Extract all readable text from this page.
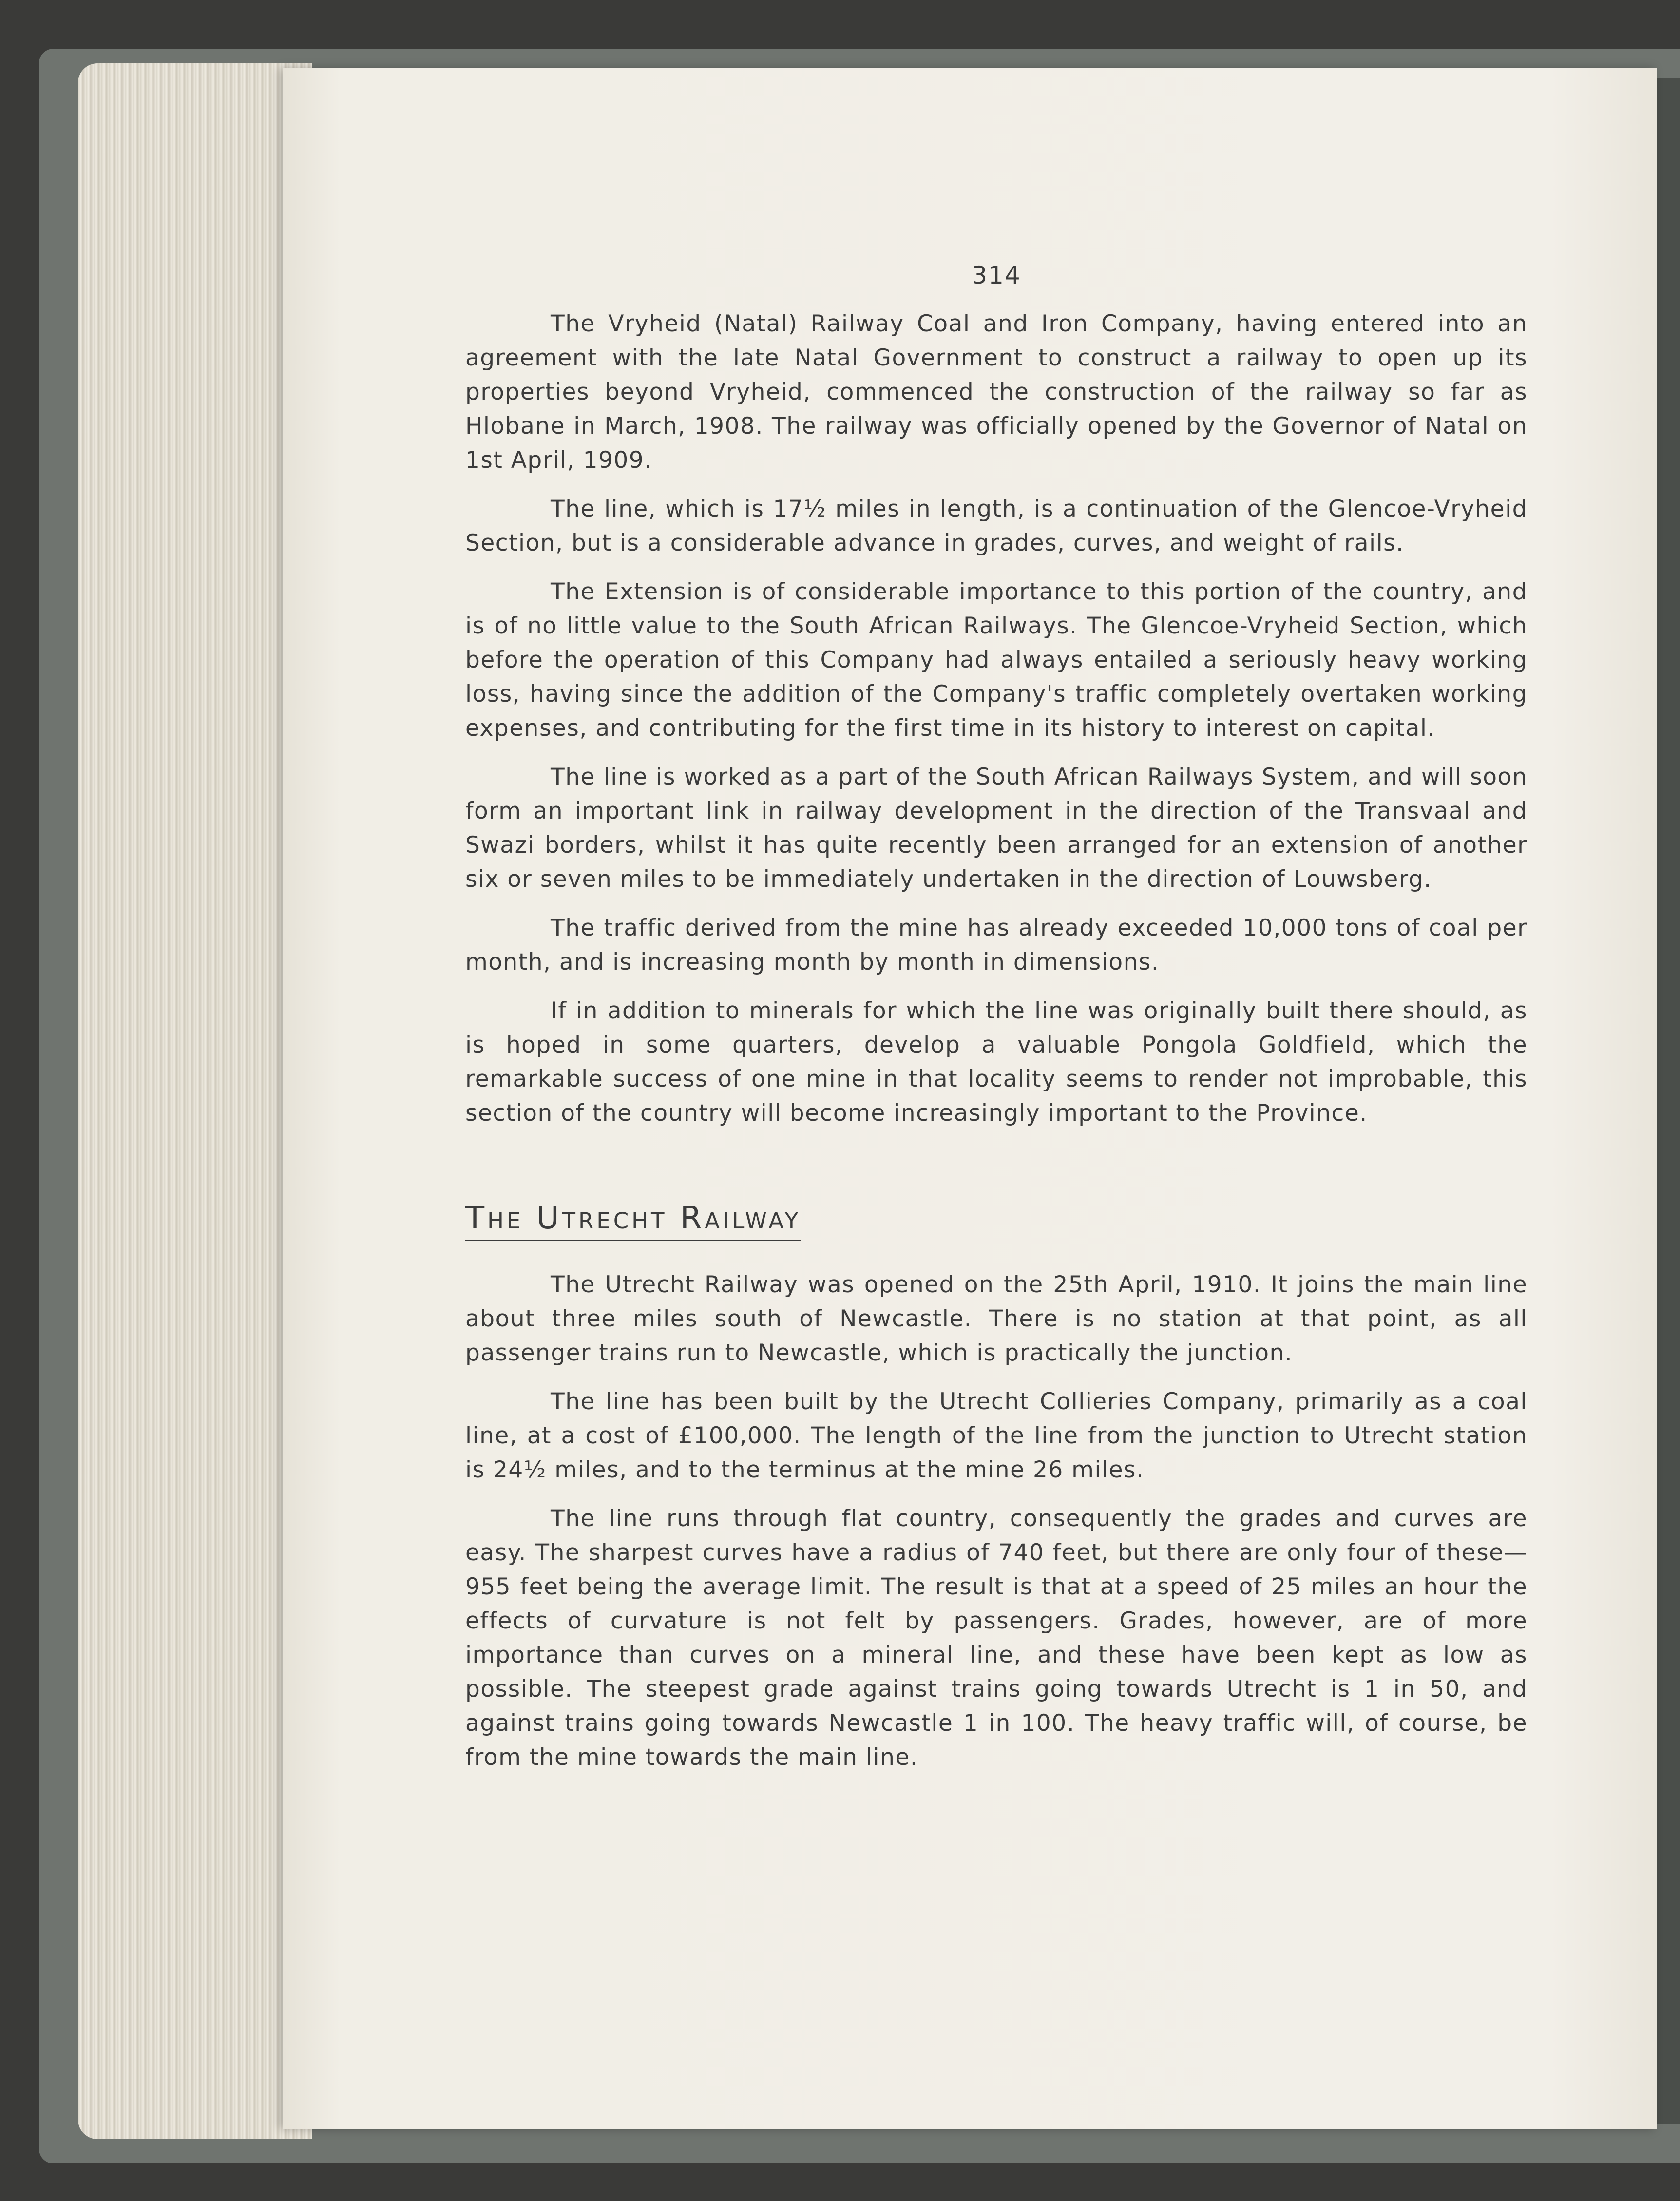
314

The Vryheid (Natal) Railway Coal and Iron Company, having entered into an agreement with the late Natal Government to construct a railway to open up its properties beyond Vryheid, commenced the construction of the railway so far as Hlobane in March, 1908. The railway was officially opened by the Governor of Natal on 1st April, 1909.

The line, which is 17½ miles in length, is a continuation of the Glencoe-Vryheid Section, but is a considerable advance in grades, curves, and weight of rails.

The Extension is of considerable importance to this portion of the country, and is of no little value to the South African Railways. The Glencoe-Vryheid Section, which before the operation of this Company had always entailed a seriously heavy working loss, having since the addition of the Company's traffic completely overtaken working expenses, and contributing for the first time in its history to interest on capital.

The line is worked as a part of the South African Railways System, and will soon form an important link in railway development in the direction of the Transvaal and Swazi borders, whilst it has quite recently been arranged for an extension of another six or seven miles to be immediately undertaken in the direction of Louwsberg.

The traffic derived from the mine has already exceeded 10,000 tons of coal per month, and is increasing month by month in dimensions.

If in addition to minerals for which the line was originally built there should, as is hoped in some quarters, develop a valuable Pongola Goldfield, which the remarkable success of one mine in that locality seems to render not improbable, this section of the country will become increasingly important to the Province.

The Utrecht Railway

The Utrecht Railway was opened on the 25th April, 1910. It joins the main line about three miles south of Newcastle. There is no station at that point, as all passenger trains run to Newcastle, which is practically the junction.

The line has been built by the Utrecht Collieries Company, primarily as a coal line, at a cost of £100,000. The length of the line from the junction to Utrecht station is 24½ miles, and to the terminus at the mine 26 miles.

The line runs through flat country, consequently the grades and curves are easy. The sharpest curves have a radius of 740 feet, but there are only four of these—955 feet being the average limit. The result is that at a speed of 25 miles an hour the effects of curvature is not felt by passengers. Grades, however, are of more importance than curves on a mineral line, and these have been kept as low as possible. The steepest grade against trains going towards Utrecht is 1 in 50, and against trains going towards Newcastle 1 in 100. The heavy traffic will, of course, be from the mine towards the main line.
